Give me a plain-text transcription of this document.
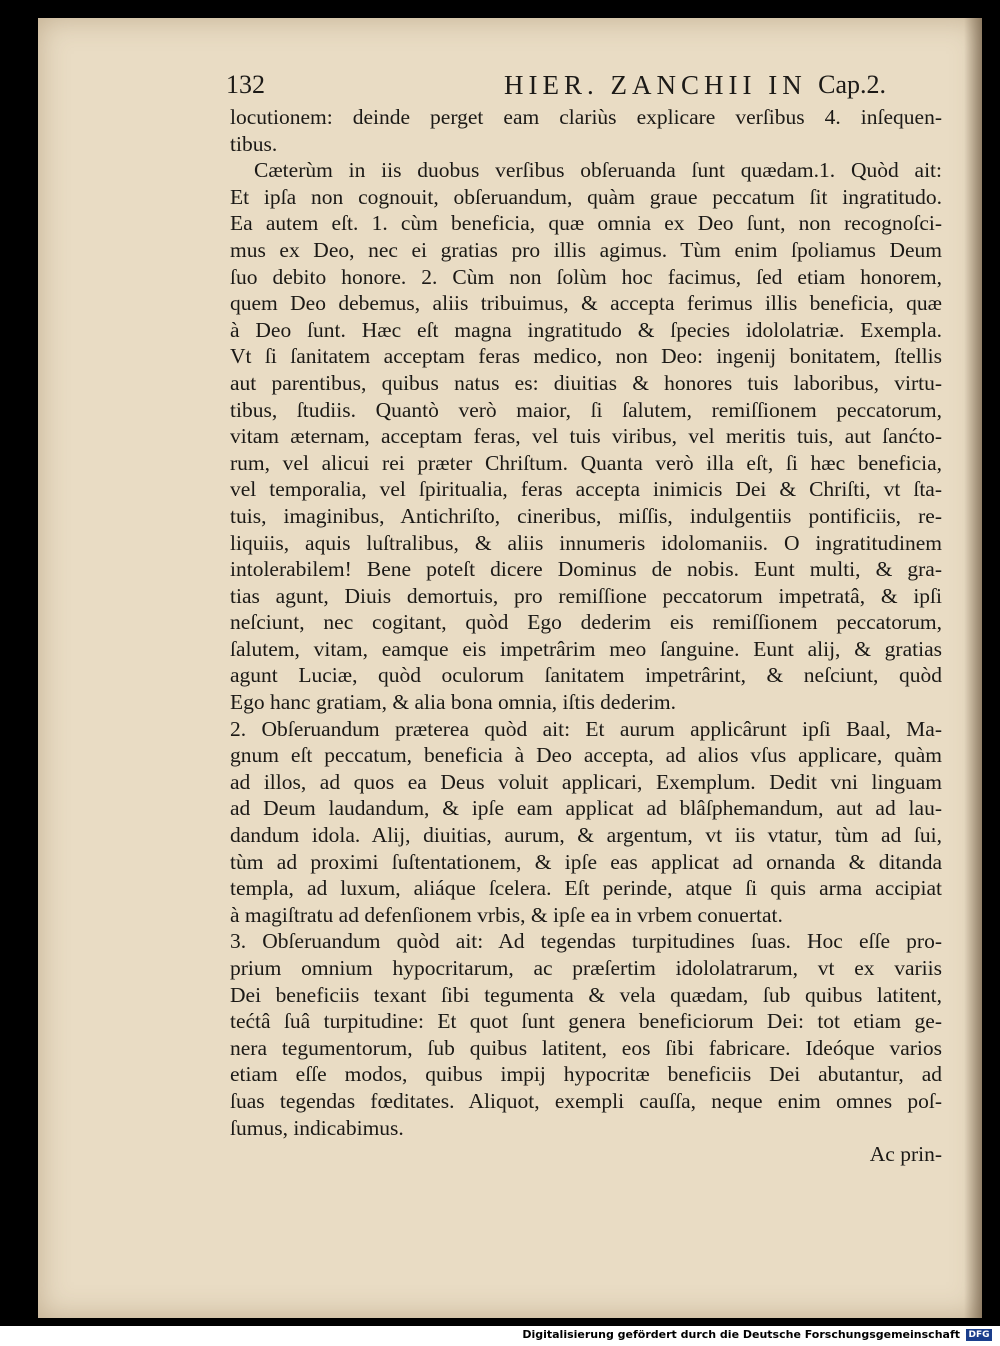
132	HIER. ZANCHII IN Cap.2.
locutionem: deinde perget eam clariùs explicare verſibus 4. inſequen-
tibus.
Cæterùm in iis duobus verſibus obſeruanda ſunt quædam.1. Quòd ait:
Et ipſa non cognouit, obſeruandum, quàm graue peccatum ſit ingratitudo.
Ea autem eſt. 1. cùm beneficia, quæ omnia ex Deo ſunt, non recognoſci-
mus ex Deo, nec ei gratias pro illis agimus. Tùm enim ſpoliamus Deum
ſuo debito honore. 2. Cùm non ſolùm hoc facimus, ſed etiam honorem,
quem Deo debemus, aliis tribuimus, & accepta ferimus illis beneficia, quæ
à Deo ſunt. Hæc eſt magna ingratitudo & ſpecies idololatriæ. Exempla.
Vt ſi ſanitatem acceptam feras medico, non Deo: ingenij bonitatem, ſtellis
aut parentibus, quibus natus es: diuitias & honores tuis laboribus, virtu-
tibus, ſtudiis. Quantò verò maior, ſi ſalutem, remiſſionem peccatorum,
vitam æternam, acceptam feras, vel tuis viribus, vel meritis tuis, aut ſanćto-
rum, vel alicui rei præter Chriſtum. Quanta verò illa eſt, ſi hæc beneficia,
vel temporalia, vel ſpiritualia, feras accepta inimicis Dei & Chriſti, vt ſta-
tuis, imaginibus, Antichriſto, cineribus, miſſis, indulgentiis pontificiis, re-
liquiis, aquis luſtralibus, & aliis innumeris idolomaniis. O ingratitudinem
intolerabilem! Bene poteſt dicere Dominus de nobis. Eunt multi, & gra-
tias agunt, Diuis demortuis, pro remiſſione peccatorum impetratâ, & ipſi
neſciunt, nec cogitant, quòd Ego dederim eis remiſſionem peccatorum,
ſalutem, vitam, eamque eis impetrârim meo ſanguine. Eunt alij, & gratias
agunt Luciæ, quòd oculorum ſanitatem impetrârint, & neſciunt, quòd
Ego hanc gratiam, & alia bona omnia, iſtis dederim.
2. Obſeruandum præterea quòd ait: Et aurum applicârunt ipſi Baal, Ma-
gnum eſt peccatum, beneficia à Deo accepta, ad alios vſus applicare, quàm
ad illos, ad quos ea Deus voluit applicari, Exemplum. Dedit vni linguam
ad Deum laudandum, & ipſe eam applicat ad blâſphemandum, aut ad lau-
dandum idola. Alij, diuitias, aurum, & argentum, vt iis vtatur, tùm ad ſui,
tùm ad proximi ſuſtentationem, & ipſe eas applicat ad ornanda & ditanda
templa, ad luxum, aliáque ſcelera. Eſt perinde, atque ſi quis arma accipiat
à magiſtratu ad defenſionem vrbis, & ipſe ea in vrbem conuertat.
3. Obſeruandum quòd ait: Ad tegendas turpitudines ſuas. Hoc eſſe pro-
prium omnium hypocritarum, ac præſertim idololatrarum, vt ex variis
Dei beneficiis texant ſibi tegumenta & vela quædam, ſub quibus latitent,
tećtâ ſuâ turpitudine: Et quot ſunt genera beneficiorum Dei: tot etiam ge-
nera tegumentorum, ſub quibus latitent, eos ſibi fabricare. Ideóque varios
etiam eſſe modos, quibus impij hypocritæ beneficiis Dei abutantur, ad
ſuas tegendas fœditates. Aliquot, exempli cauſſa, neque enim omnes poſ-
ſumus, indicabimus.
Ac prin-
Digitalisierung gefördert durch die Deutsche Forschungsgemeinschaft DFG
